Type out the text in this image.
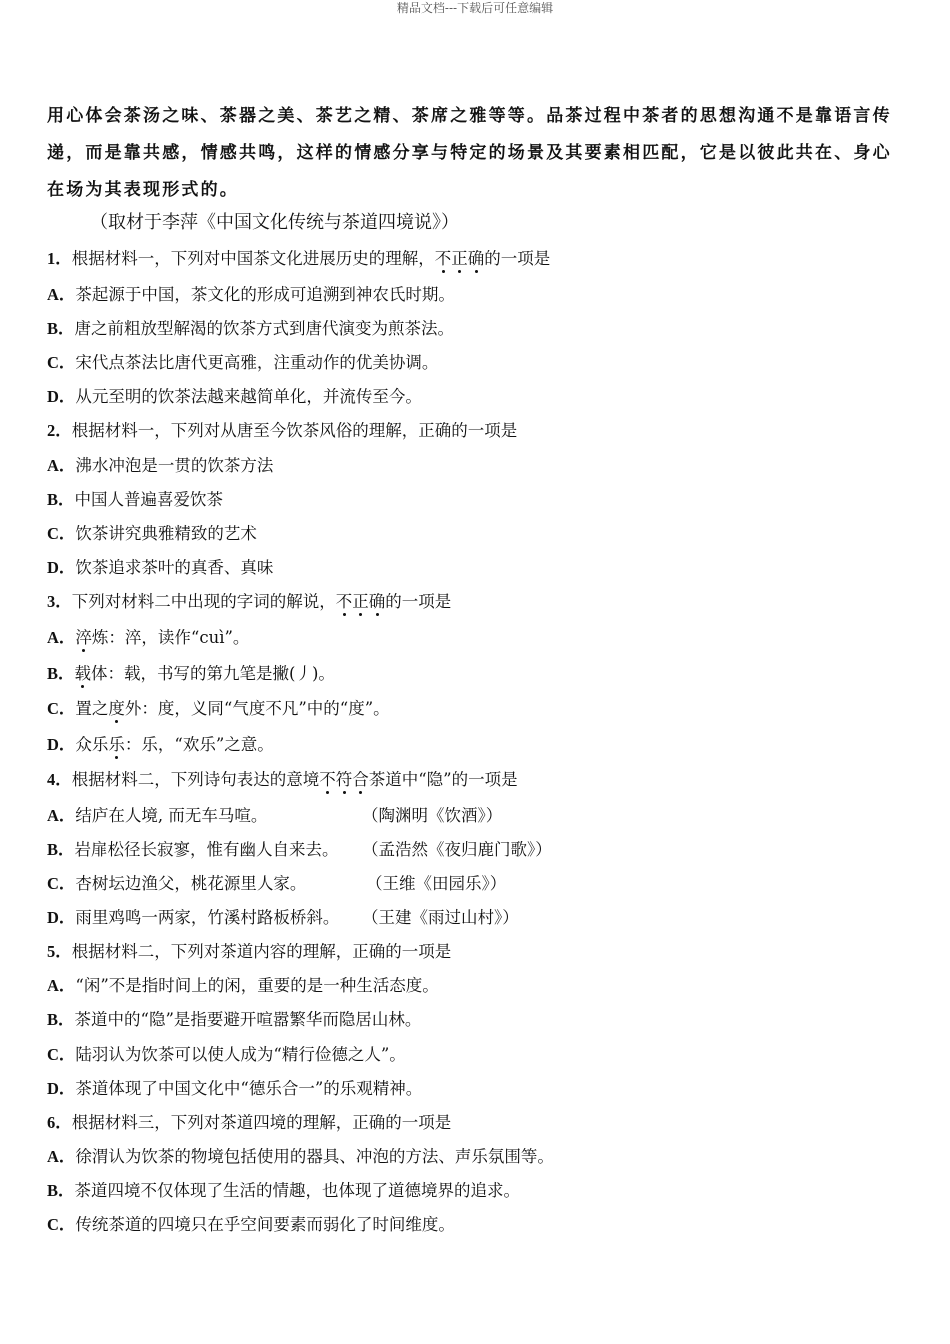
精品文档---下载后可任意编辑
用心体会茶汤之味、茶器之美、茶艺之精、茶席之雅等等。品茶过程中茶者的思想沟通不是靠语言传
递，而是靠共感，情感共鸣，这样的情感分享与特定的场景及其要素相匹配，它是以彼此共在、身心
在场为其表现形式的。
（取材于李萍《中国文化传统与茶道四境说》）
1．根据材料一，下列对中国茶文化进展历史的理解，不正确的一项是
A．茶起源于中国，茶文化的形成可追溯到神农氏时期。
B．唐之前粗放型解渴的饮茶方式到唐代演变为煎茶法。
C．宋代点茶法比唐代更高雅，注重动作的优美协调。
D．从元至明的饮茶法越来越简单化，并流传至今。
2．根据材料一，下列对从唐至今饮茶风俗的理解，正确的一项是
A．沸水冲泡是一贯的饮茶方法
B．中国人普遍喜爱饮茶
C．饮茶讲究典雅精致的艺术
D．饮茶追求茶叶的真香、真味
3．下列对材料二中出现的字词的解说，不正确的一项是
A．淬炼：淬，读作“cuì”。
B．载体：载，书写的第九笔是撇(丿)。
C．置之度外：度，义同“气度不凡”中的“度”。
D．众乐乐：乐，“欢乐”之意。
4．根据材料二，下列诗句表达的意境不符合茶道中“隐”的一项是
A．结庐在人境, 而无车马喧。	（陶渊明《饮酒》）
B．岩扉松径长寂寥，惟有幽人自来去。 （孟浩然《夜归鹿门歌》）
C．杏树坛边渔父，桃花源里人家。	（王维《田园乐》）
D．雨里鸡鸣一两家，竹溪村路板桥斜。 （王建《雨过山村》）
5．根据材料二，下列对茶道内容的理解，正确的一项是
A．“闲”不是指时间上的闲，重要的是一种生活态度。
B．茶道中的“隐”是指要避开喧嚣繁华而隐居山林。
C．陆羽认为饮茶可以使人成为“精行俭德之人”。
D．茶道体现了中国文化中“德乐合一”的乐观精神。
6．根据材料三，下列对茶道四境的理解，正确的一项是
A．徐渭认为饮茶的物境包括使用的器具、冲泡的方法、声乐氛围等。
B．茶道四境不仅体现了生活的情趣，也体现了道德境界的追求。
C．传统茶道的四境只在乎空间要素而弱化了时间维度。
